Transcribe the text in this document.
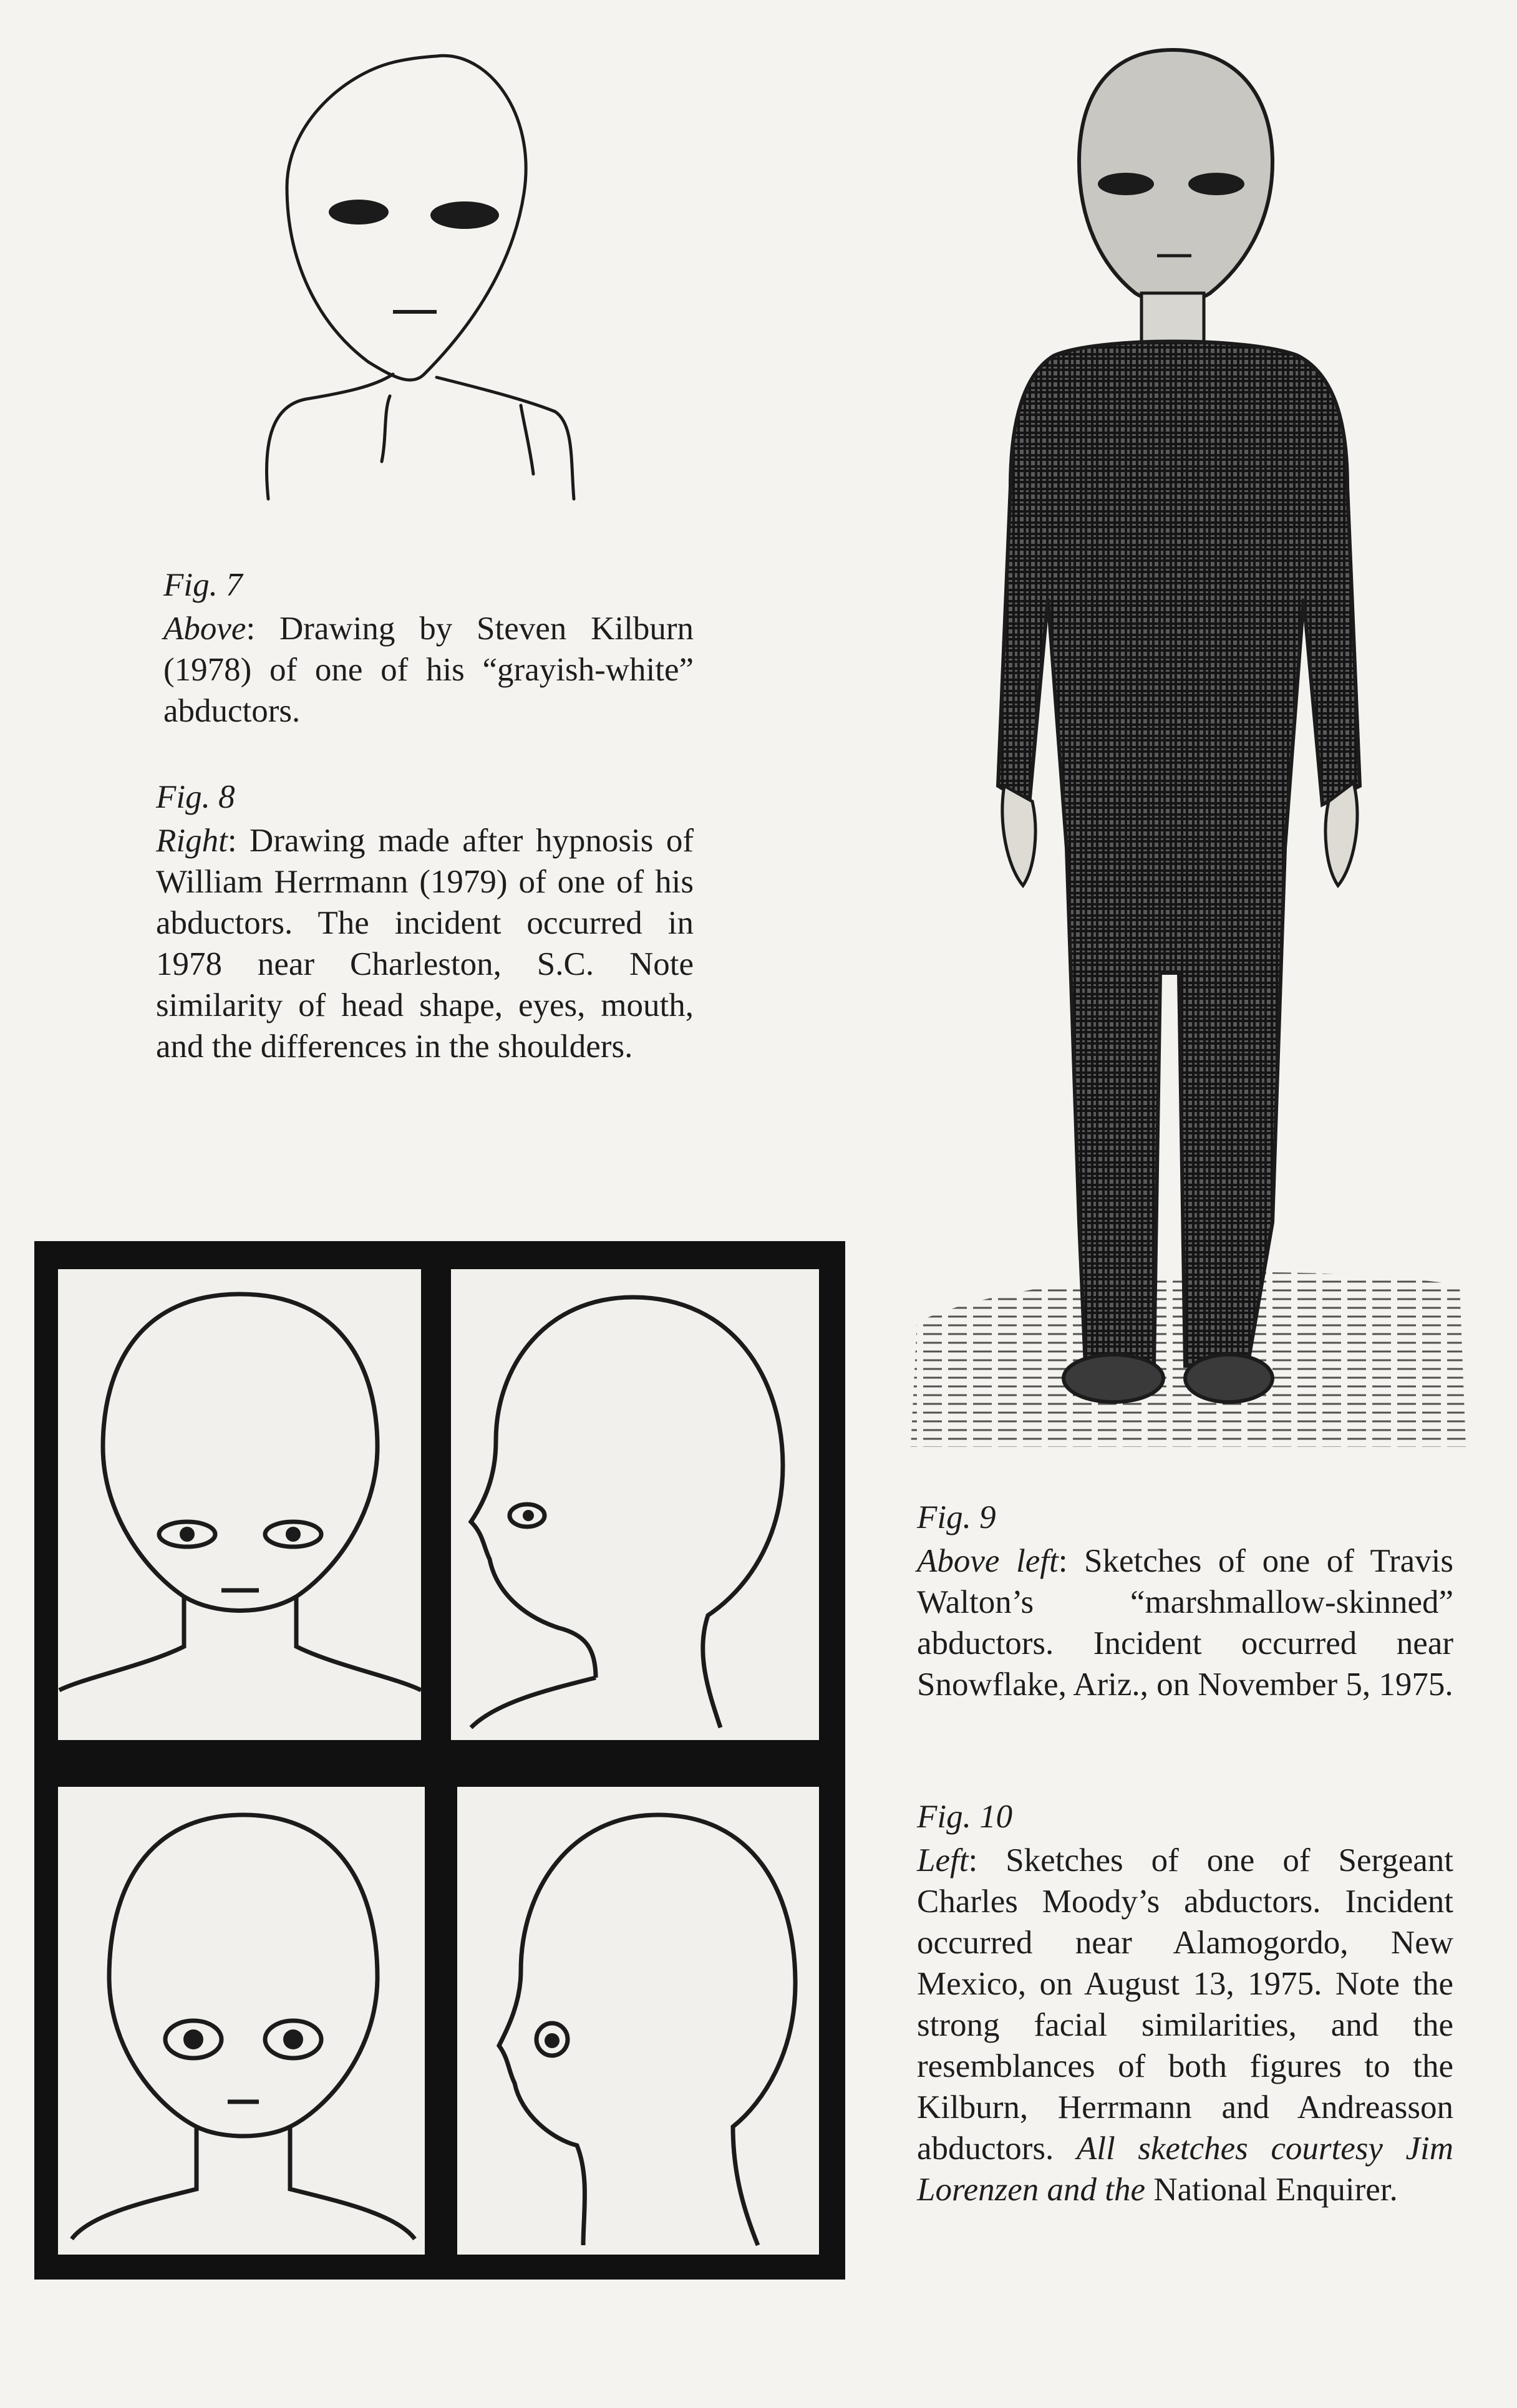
Fig. 7

Above: Drawing by Steven Kilburn (1978) of one of his “grayish-white” abductors.

Fig. 8

Right: Drawing made after hypnosis of William Herrmann (1979) of one of his abductors. The incident occurred in 1978 near Charleston, S.C. Note similarity of head shape, eyes, mouth, and the differences in the shoulders.

Fig. 9

Above left: Sketches of one of Travis Walton’s “marshmallow-skinned” abductors. Incident occurred near Snowflake, Ariz., on November 5, 1975.

Fig. 10

Left: Sketches of one of Sergeant Charles Moody’s abductors. Incident occurred near Alamogordo, New Mexico, on August 13, 1975. Note the strong facial similarities, and the resemblances of both figures to the Kilburn, Herrmann and Andreasson abductors. All sketches courtesy Jim Lorenzen and the National Enquirer.
